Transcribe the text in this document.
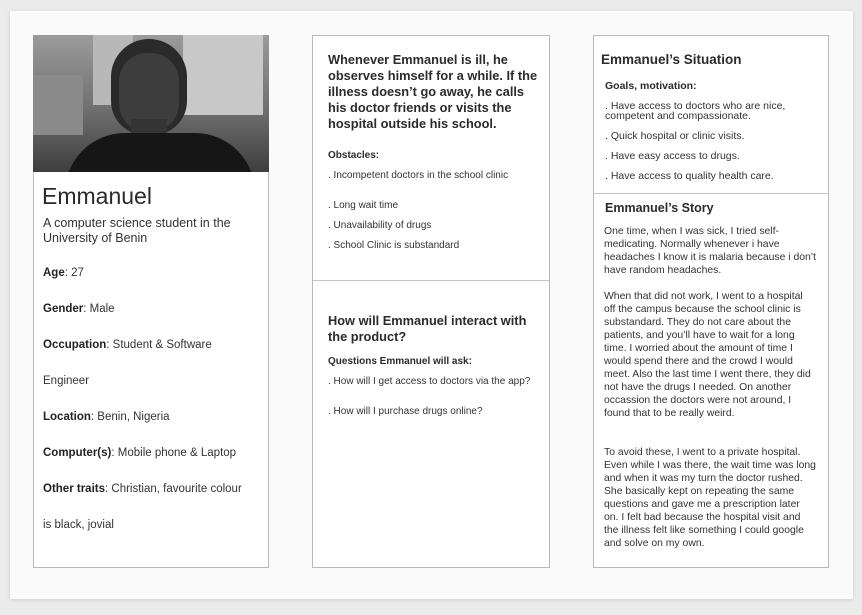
Emmanuel
A computer science student in the University of Benin
Age: 27
Gender: Male
Occupation: Student & Software
Engineer
Location: Benin, Nigeria
Computer(s): Mobile phone & Laptop
Other traits: Christian, favourite colour
is black, jovial
Whenever Emmanuel is ill, he observes himself for a while. If the illness doesn’t go away, he calls his doctor friends or visits the hospital outside his school.
Obstacles:
. Incompetent doctors in the school clinic
. Long wait time
. Unavailability of drugs
. School Clinic is substandard
How will Emmanuel interact with the product?
Questions Emmanuel will ask:
. How will I get access to doctors via the app?
. How will I purchase drugs online?
Emmanuel’s Situation
Goals, motivation:
. Have access to doctors who are nice, competent and compassionate.
. Quick hospital or clinic visits.
. Have easy access to drugs.
. Have access to quality health care.
Emmanuel’s Story
One time, when I was sick, I tried self-medicating. Normally whenever i have headaches I know it is malaria because i don’t have random headaches.
When that did not work, I went to a hospital off the campus because the school clinic is substandard. They do not care about the patients, and you’ll have to wait for a long time. I worried about the amount of time I would spend there and the crowd I would meet. Also the last time I went there, they did not have the drugs I needed. On another occassion the doctors were not around, I found that to be really weird.
To avoid these, I went to a private hospital. Even while I was there, the wait time was long and when it was my turn the doctor rushed. She basically kept on repeating the same questions and gave me a prescription later on. I felt bad because the hospital visit and the illness felt like something I could google and solve on my own.
